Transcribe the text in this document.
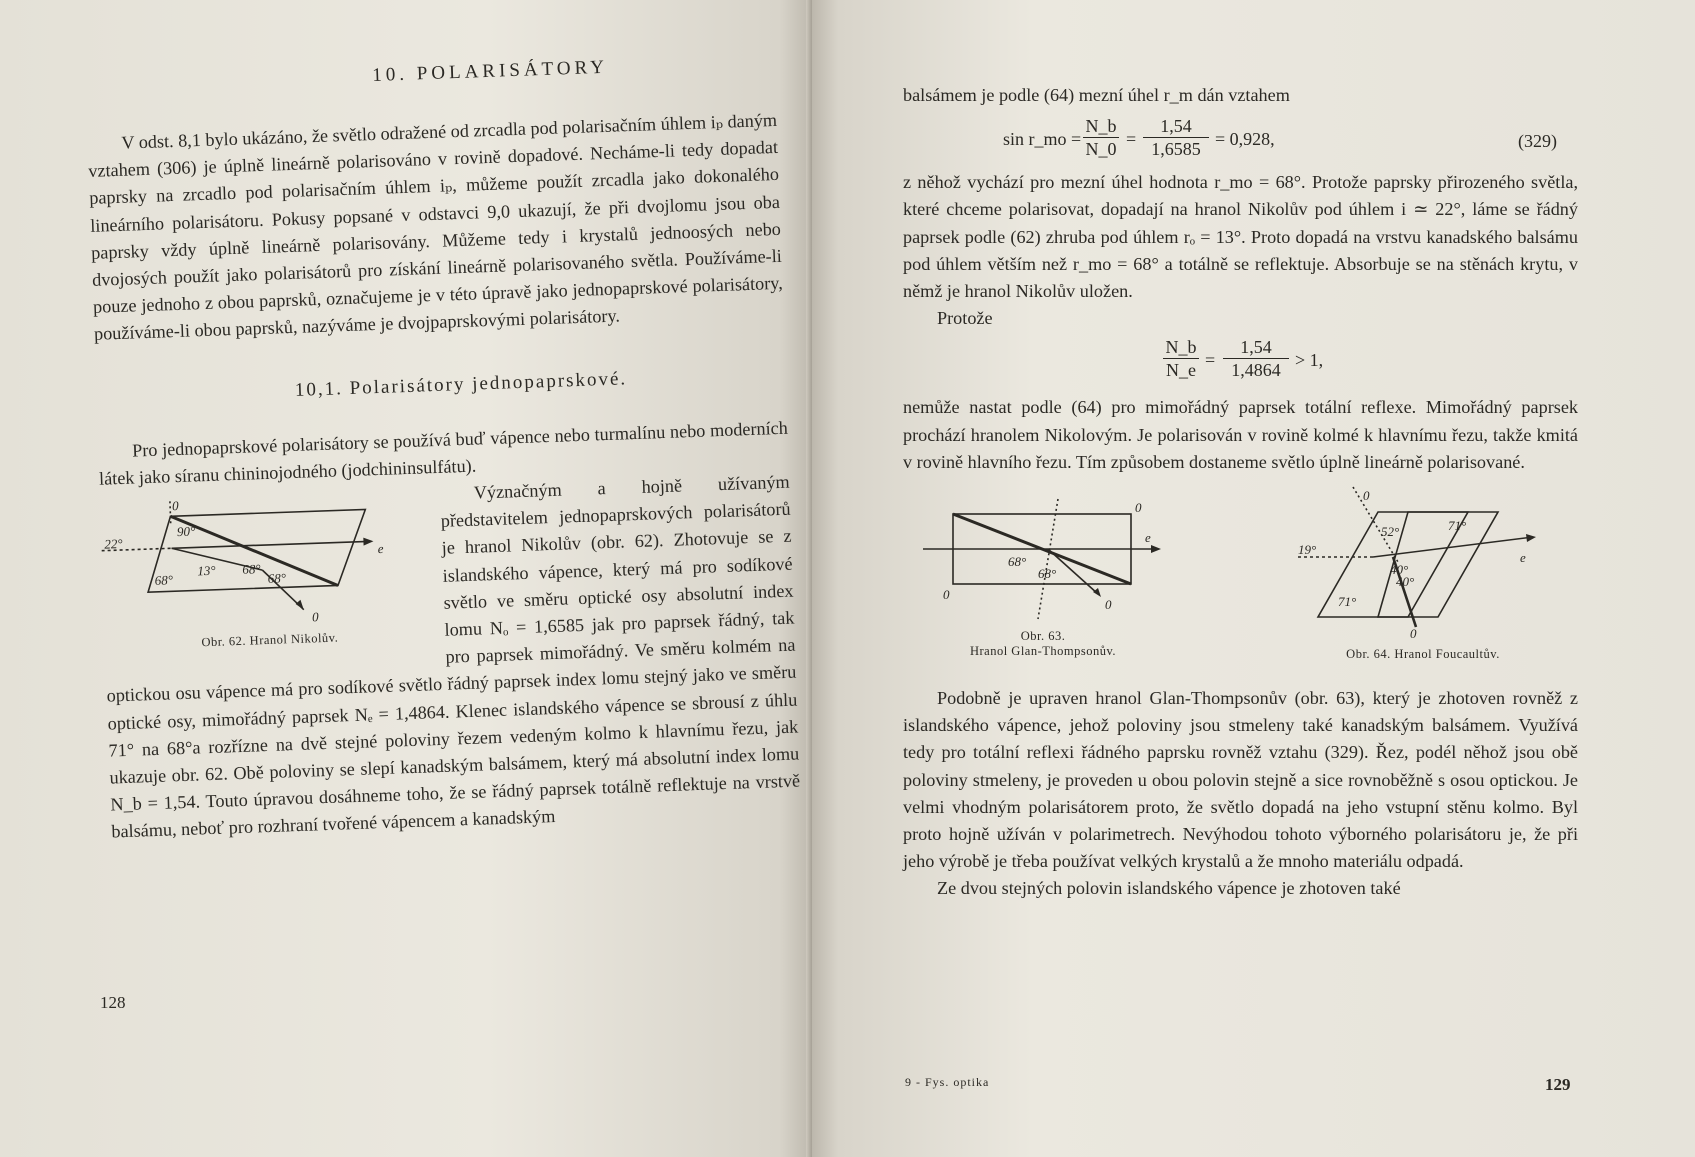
10. POLARISÁTORY

V odst. 8,1 bylo ukázáno, že světlo odražené od zrcadla pod polarisačním úhlem iₚ daným vztahem (306) je úplně lineárně polarisováno v rovině dopadové. Necháme-li tedy dopadat paprsky na zrcadlo pod polarisačním úhlem iₚ, můžeme použít zrcadla jako dokonalého lineárního polarisátoru. Pokusy popsané v odstavci 9,0 ukazují, že při dvojlomu jsou oba paprsky vždy úplně lineárně polarisovány. Můžeme tedy i krystalů jednoosých nebo dvojosých použít jako polarisátorů pro získání lineárně polarisovaného světla. Používáme-li pouze jednoho z obou paprsků, označujeme je v této úpravě jako jednopaprskové polarisátory, používáme-li obou paprsků, nazýváme je dvojpaprskovými polarisátory.

10,1. Polarisátory jednopaprskové.

Pro jednopaprskové polarisátory se používá buď vápence nebo turmalínu nebo moderních látek jako síranu chininojodného (jodchininsulfátu).

0
22°
90°
13° 68°
68°
68°
e
0
Obr. 62. Hranol Nikolův.

Význačným a hojně užívaným představitelem jednopaprskových polarisátorů je hranol Nikolův (obr. 62). Zhotovuje se z islandského vápence, který má pro sodíkové světlo ve směru optické osy absolutní index lomu Nₒ = 1,6585 jak pro paprsek řádný, tak pro paprsek mimořádný. Ve směru kolmém na optickou osu vápence má pro sodíkové světlo řádný paprsek index lomu stejný jako ve směru optické osy, mimořádný paprsek Nₑ = 1,4864. Klenec islandského vápence se sbrousí z úhlu 71° na 68°a rozřízne na dvě stejné poloviny řezem vedeným kolmo k hlavnímu řezu, jak ukazuje obr. 62. Obě poloviny se slepí kanadským balsámem, který má absolutní index lomu N_b = 1,54. Touto úpravou dosáhneme toho, že se řádný paprsek totálně reflektuje na vrstvě balsámu, neboť pro rozhraní tvořené vápencem a kanadským

128

balsámem je podle (64) mezní úhel r_m dán vztahem

sin r_mo =
N_b
N_0 =
1,54
1,6585 = 0,928,	(329)

z něhož vychází pro mezní úhel hodnota r_mo = 68°. Protože paprsky přirozeného světla, které chceme polarisovat, dopadají na hranol Nikolův pod úhlem i ≃ 22°, láme se řádný paprsek podle (62) zhruba pod úhlem rₒ = 13°. Proto dopadá na vrstvu kanadského balsámu pod úhlem větším než r_mo = 68° a totálně se reflektuje. Absorbuje se na stěnách krytu, v němž je hranol Nikolův uložen.

Protože

N_b
N_e =
1,54
1,4864 > 1,

nemůže nastat podle (64) pro mimořádný paprsek totální reflexe. Mimořádný paprsek prochází hranolem Nikolovým. Je polarisován v rovině kolmé k hlavnímu řezu, takže kmitá v rovině hlavního řezu. Tím způsobem dostaneme světlo úplně lineárně polarisované.

0
e
68°
68°
0
0
Obr. 63.
Hranol Glan-Thompsonův.
0
71°
52°
19°
40°
40°
71°
e
0
Obr. 64. Hranol Foucaultův.

Podobně je upraven hranol Glan-Thompsonův (obr. 63), který je zhotoven rovněž z islandského vápence, jehož poloviny jsou stmeleny také kanadským balsámem. Využívá tedy pro totální reflexi řádného paprsku rovněž vztahu (329). Řez, podél něhož jsou obě poloviny stmeleny, je proveden u obou polovin stejně a sice rovnoběžně s osou optickou. Je velmi vhodným polarisátorem proto, že světlo dopadá na jeho vstupní stěnu kolmo. Byl proto hojně užíván v polarimetrech. Nevýhodou tohoto výborného polarisátoru je, že při jeho výrobě je třeba používat velkých krystalů a že mnoho materiálu odpadá.

Ze dvou stejných polovin islandského vápence je zhotoven také

9 - Fys. optika	129
